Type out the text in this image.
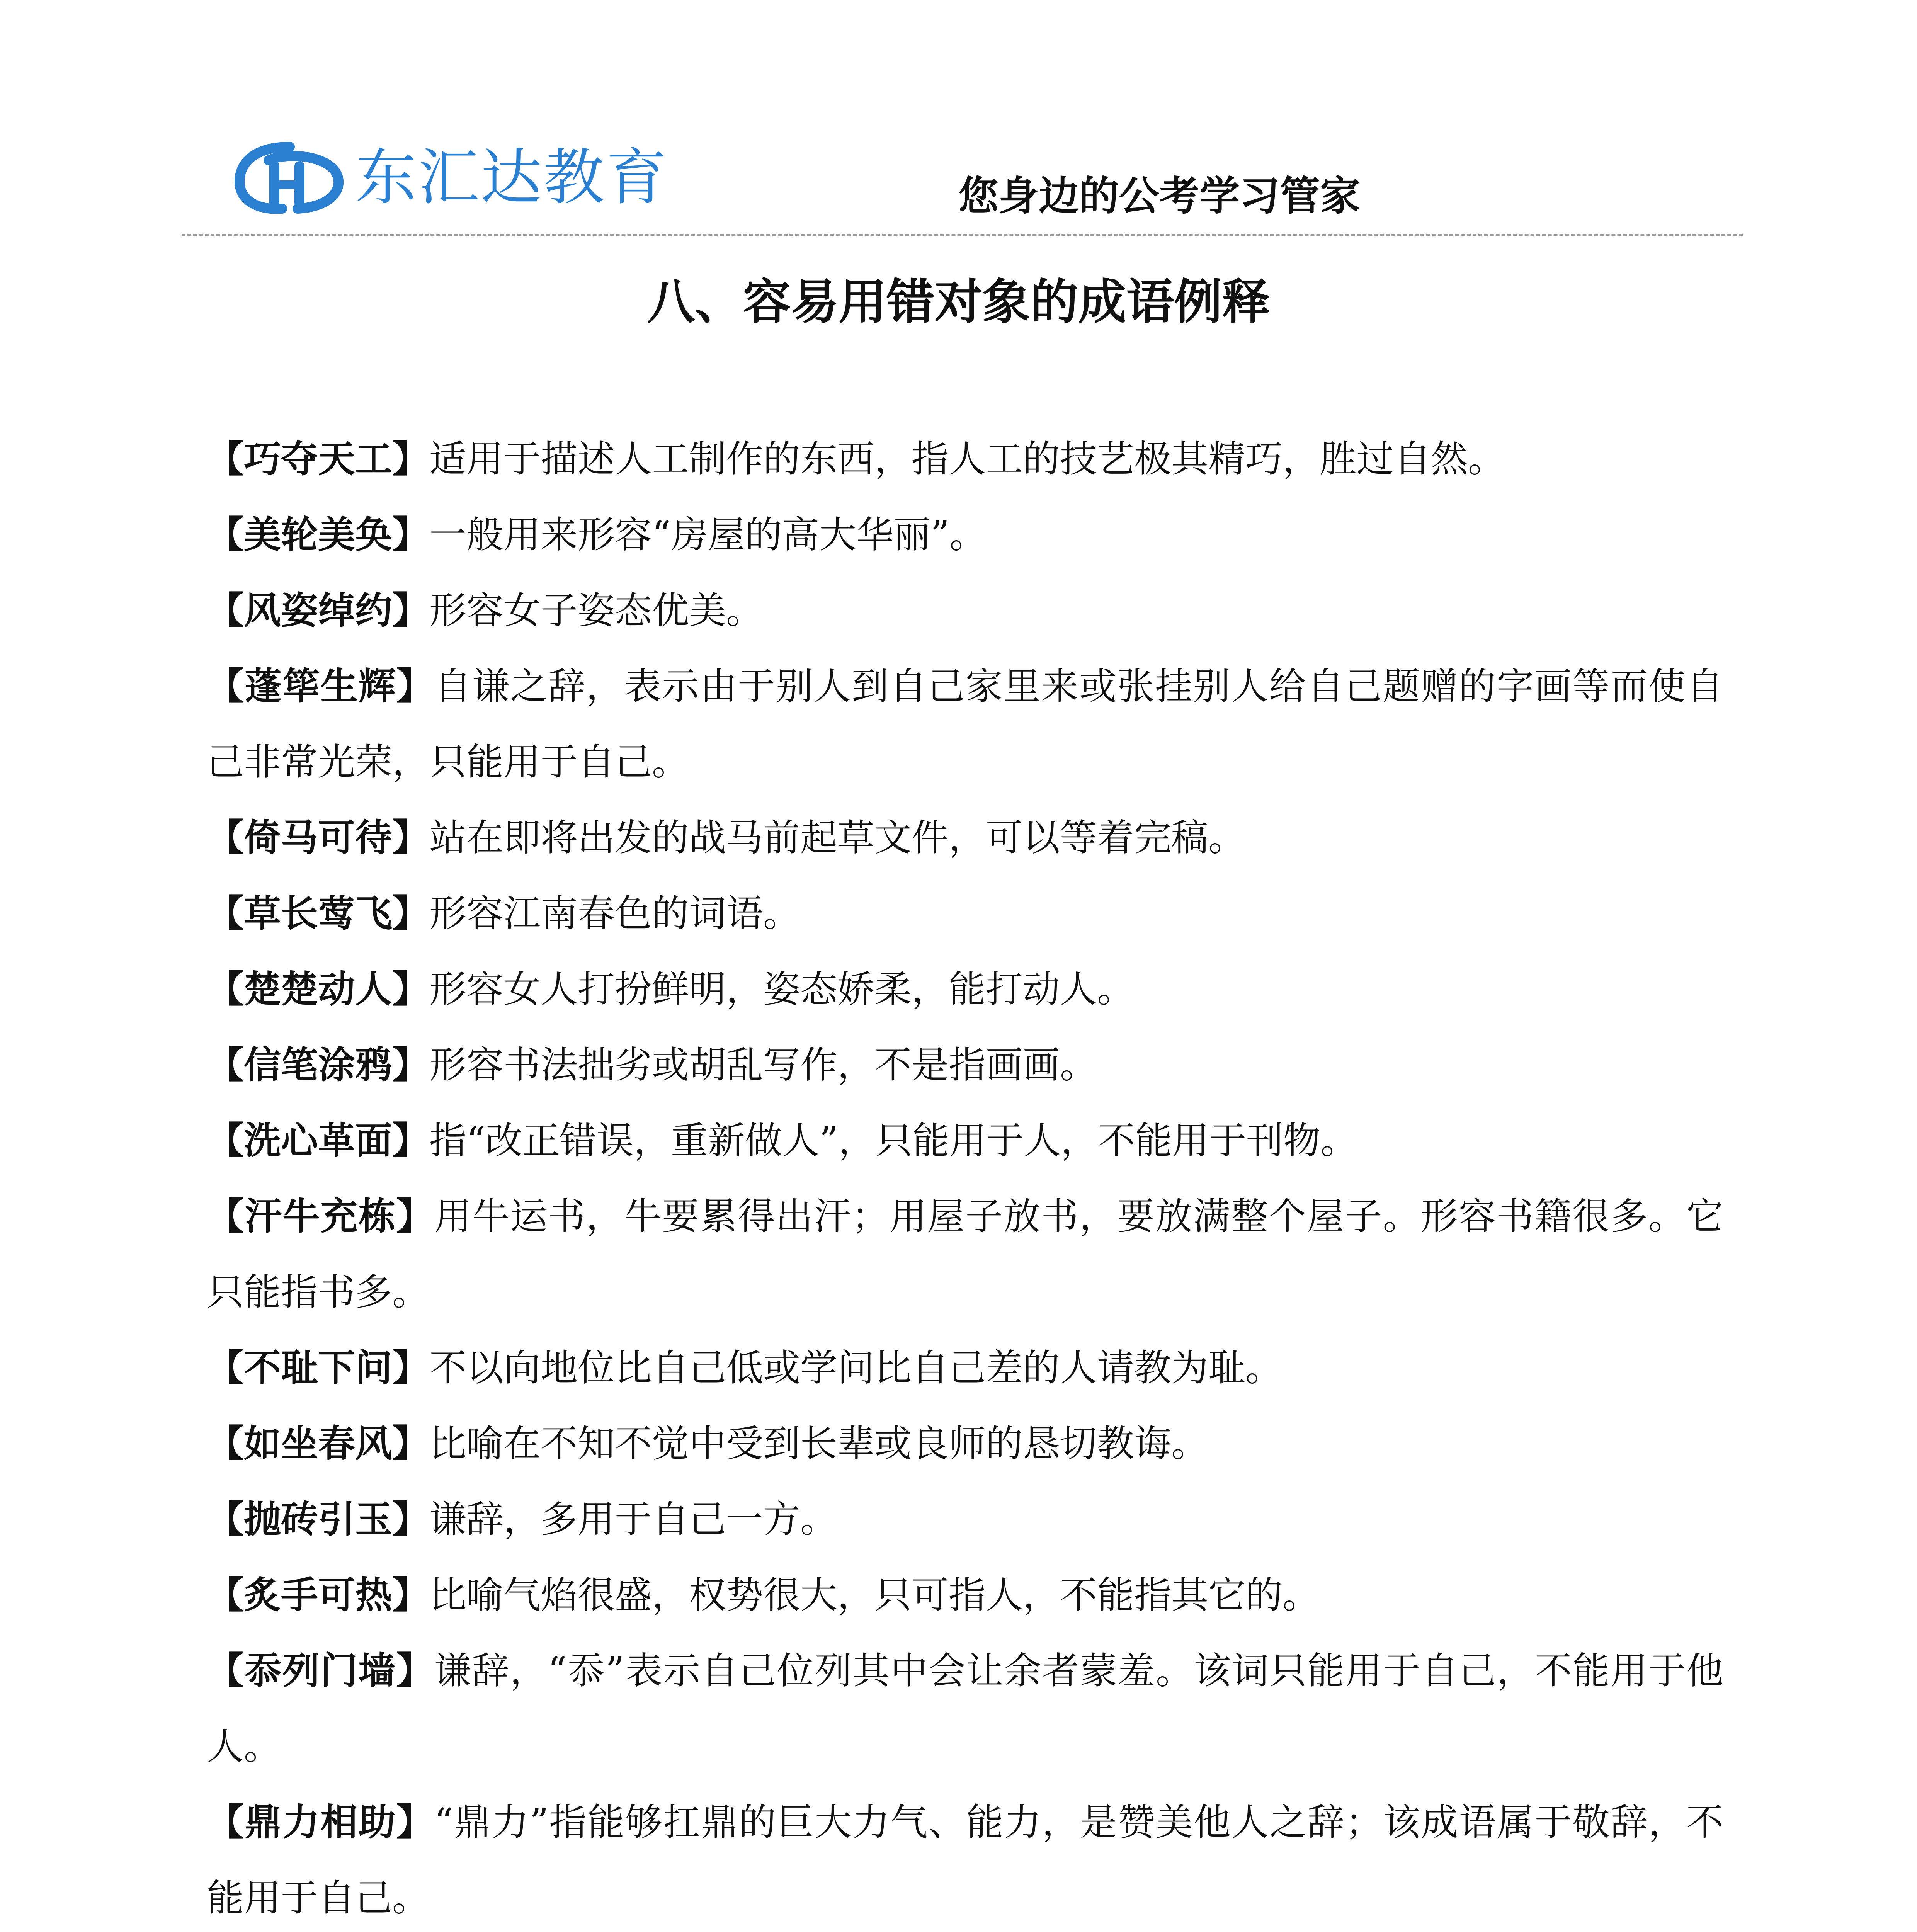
东汇达教育	您身边的公考学习管家
八、容易用错对象的成语例释

【巧夺天工】适用于描述人工制作的东西，指人工的技艺极其精巧，胜过自然。

【美轮美奂】一般用来形容“房屋的高大华丽”。

【风姿绰约】形容女子姿态优美。

【蓬筚生辉】自谦之辞，表示由于别人到自己家里来或张挂别人给自己题赠的字画等而使自己非常光荣，只能用于自己。

【倚马可待】站在即将出发的战马前起草文件，可以等着完稿。

【草长莺飞】形容江南春色的词语。

【楚楚动人】形容女人打扮鲜明，姿态娇柔，能打动人。

【信笔涂鸦】形容书法拙劣或胡乱写作，不是指画画。

【洗心革面】指“改正错误，重新做人”，只能用于人，不能用于刊物。

【汗牛充栋】用牛运书，牛要累得出汗；用屋子放书，要放满整个屋子。形容书籍很多。它只能指书多。

【不耻下问】不以向地位比自己低或学问比自己差的人请教为耻。

【如坐春风】比喻在不知不觉中受到长辈或良师的恳切教诲。

【抛砖引玉】谦辞，多用于自己一方。

【炙手可热】比喻气焰很盛，权势很大，只可指人，不能指其它的。

【忝列门墙】谦辞，“忝”表示自己位列其中会让余者蒙羞。该词只能用于自己，不能用于他人。

【鼎力相助】“鼎力”指能够扛鼎的巨大力气、能力，是赞美他人之辞；该成语属于敬辞，不能用于自己。
